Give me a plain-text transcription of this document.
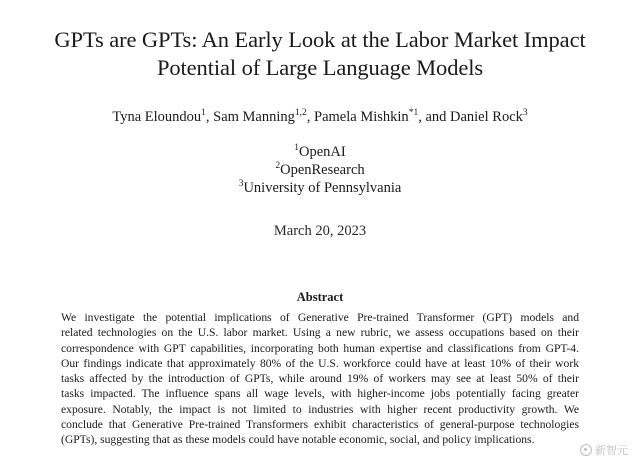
GPTs are GPTs: An Early Look at the Labor Market Impact
Potential of Large Language Models
Tyna Eloundou$^1$, Sam Manning$^{1,2}$, Pamela Mishkin$^{*1}$, and Daniel Rock$^3$
$^1$OpenAI
$^2$OpenResearch
$^3$University of Pennsylvania
March 20, 2023
Abstract
We investigate the potential implications of Generative Pre-trained Transformer (GPT) models and
related technologies on the U.S. labor market. Using a new rubric, we assess occupations based on their
correspondence with GPT capabilities, incorporating both human expertise and classifications from GPT-4.
Our findings indicate that approximately 80% of the U.S. workforce could have at least 10% of their work
tasks affected by the introduction of GPTs, while around 19% of workers may see at least 50% of their
tasks impacted. The influence spans all wage levels, with higher-income jobs potentially facing greater
exposure. Notably, the impact is not limited to industries with higher recent productivity growth. We
conclude that Generative Pre-trained Transformers exhibit characteristics of general-purpose technologies
(GPTs), suggesting that as these models could have notable economic, social, and policy implications.
新智元
